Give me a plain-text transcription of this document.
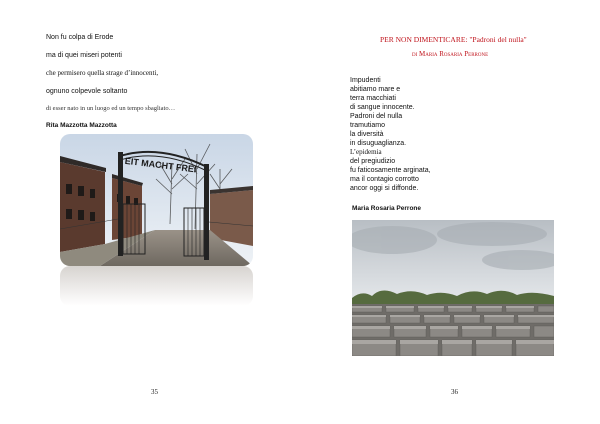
Non fu colpa di Erode
ma di quei miseri potenti
che permisero quella strage d’innocenti,
ognuno colpevole soltanto
di esser nato in un luogo ed un tempo sbagliato…
Rita Mazzotta Mazzotta
EIT MACHT FREI
35
PER NON DIMENTICARE: "Padroni del nulla"
di Maria Rosaria Perrone
Impudenti
abitiamo mare e
terra macchiati
di sangue innocente.
Padroni del nulla
tramutiamo
la diversità
in disuguaglianza.
L’epidemia
del pregiudizio
fu faticosamente arginata,
ma il contagio corrotto
ancor oggi si diffonde.
Maria Rosaria Perrone
36
